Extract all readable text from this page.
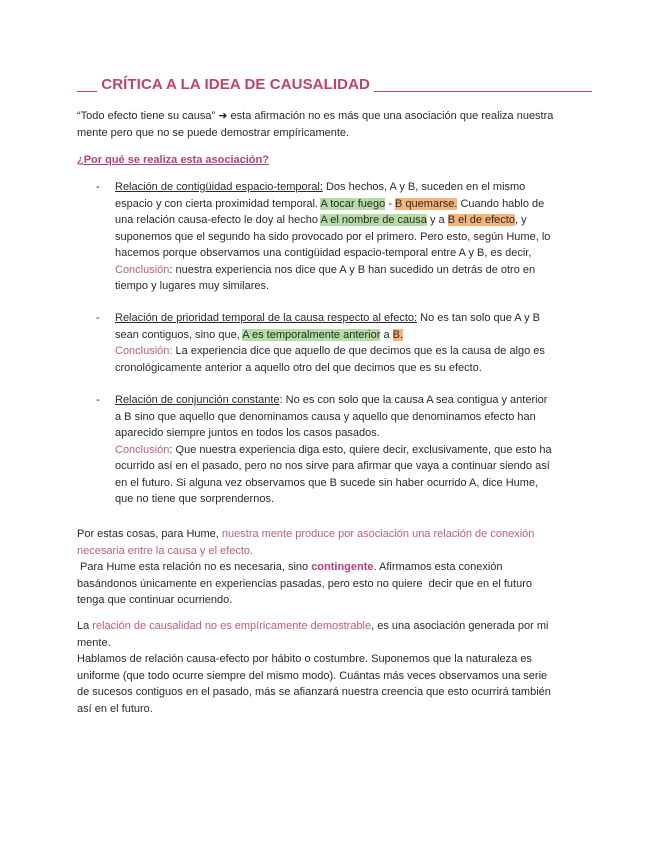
CRÍTICA A LA IDEA DE CAUSALIDAD
“Todo efecto tiene su causa” ➜ esta afirmación no es más que una asociación que realiza nuestra
mente pero que no se puede demostrar empíricamente.
¿Por qué se realiza esta asociación?
- Relación de contigüidad espacio-temporal: Dos hechos, A y B, suceden en el mismo
espacio y con cierta proximidad temporal. A tocar fuego - B quemarse. Cuando hablo de
una relación causa-efecto le doy al hecho A el nombre de causa y a B el de efecto, y
suponemos que el segundo ha sido provocado por el primero. Pero esto, según Hume, lo
hacemos porque observamos una contigüidad espacio-temporal entre A y B, es decir,
Conclusión: nuestra experiencia nos dice que A y B han sucedido un detrás de otro en
tiempo y lugares muy similares.
- Relación de prioridad temporal de la causa respecto al efecto: No es tan solo que A y B
sean contiguos, sino que, A es temporalmente anterior a B.
Conclusión: La experiencia dice que aquello de que decimos que es la causa de algo es
cronológicamente anterior a aquello otro del que decimos que es su efecto.
- Relación de conjunción constante: No es con solo que la causa A sea contigua y anterior
a B sino que aquello que denominamos causa y aquello que denominamos efecto han
aparecido siempre juntos en todos los casos pasados.
Conclusión: Que nuestra experiencia diga esto, quiere decir, exclusivamente, que esto ha
ocurrido así en el pasado, pero no nos sirve para afirmar que vaya a continuar siendo así
en el futuro. Si alguna vez observamos que B sucede sin haber ocurrido A, dice Hume,
que no tiene que sorprendernos.
Por estas cosas, para Hume, nuestra mente produce por asociación una relación de conexión
necesaria entre la causa y el efecto.
Para Hume esta relación no es necesaria, sino contingente. Afirmamos esta conexión
basándonos únicamente en experiencias pasadas, pero esto no quiere  decir que en el futuro
tenga que continuar ocurriendo.
La relación de causalidad no es empíricamente demostrable, es una asociación generada por mi
mente.
Hablamos de relación causa-efecto por hábito o costumbre. Suponemos que la naturaleza es
uniforme (que todo ocurre siempre del mismo modo). Cuántas más veces observamos una serie
de sucesos contiguos en el pasado, más se afianzará nuestra creencia que esto ocurrirá también
así en el futuro.
